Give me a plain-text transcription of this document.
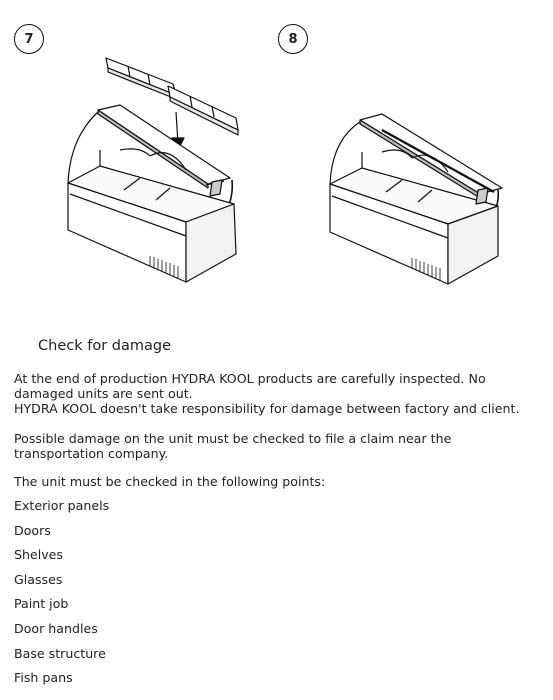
7	8
Check for damage
At the end of production HYDRA KOOL products are carefully inspected. No damaged units are sent out.
HYDRA KOOL doesn't take responsibility for damage between factory and client.
Possible damage on the unit must be checked to file a claim near the transportation company.
The unit must be checked in the following points:
Exterior panels
Doors
Shelves
Glasses
Paint job
Door handles
Base structure
Fish pans
